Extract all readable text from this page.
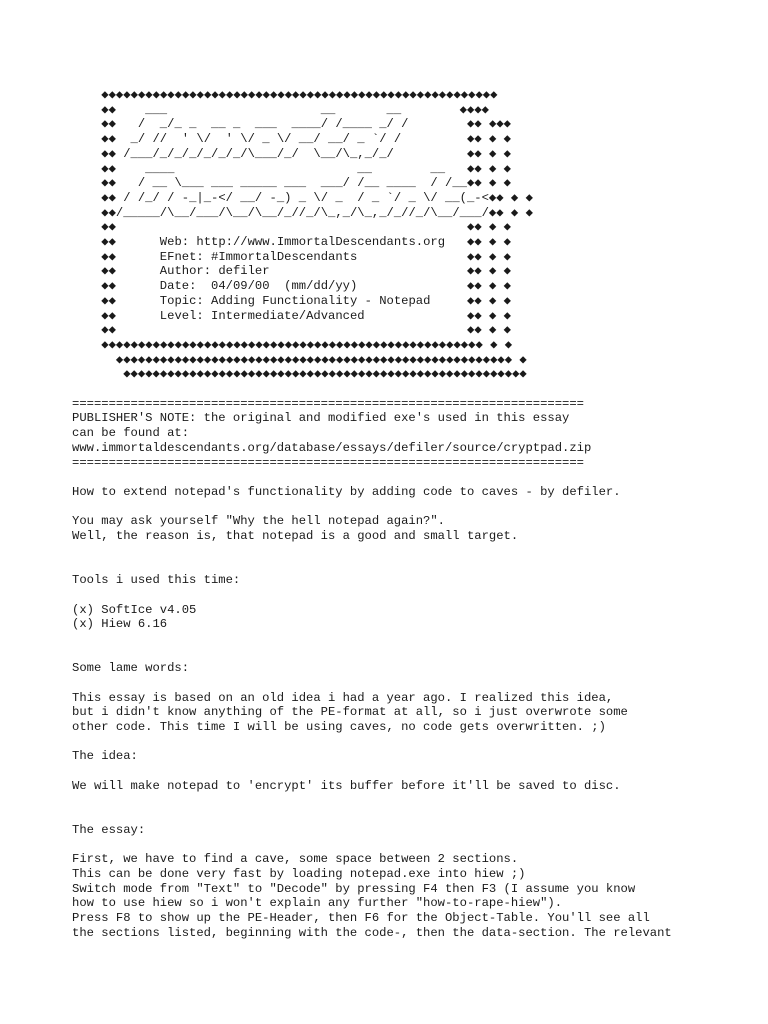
◆◆◆◆◆◆◆◆◆◆◆◆◆◆◆◆◆◆◆◆◆◆◆◆◆◆◆◆◆◆◆◆◆◆◆◆◆◆◆◆◆◆◆◆◆◆◆◆◆◆◆◆◆◆
◆◆    ___                     __       __        ◆◆◆◆
◆◆   /  _/_ _  __ _  ___  ____/ /____ _/ /        ◆◆ ◆◆◆
◆◆  _/ //  ' \/  ' \/ _ \/ __/ __/ _ `/ /         ◆◆ ◆ ◆
◆◆ /___/_/_/_/_/_/_/\___/_/  \__/\_,_/_/          ◆◆ ◆ ◆
◆◆    ____                         __        __   ◆◆ ◆ ◆
◆◆   / __ \___ ___ _____ ___  ___/ /__ ____  / /__◆◆ ◆ ◆
◆◆ / /_/ / -_|_-</ __/ -_) _ \/ _  / _ `/ _ \/ __(_-<◆◆ ◆ ◆
◆◆/_____/\__/___/\__/\__/_//_/\_,_/\_,_/_//_/\__/___/◆◆ ◆ ◆
◆◆                                                ◆◆ ◆ ◆
◆◆      Web: http://www.ImmortalDescendants.org   ◆◆ ◆ ◆
◆◆      EFnet: #ImmortalDescendants               ◆◆ ◆ ◆
◆◆      Author: defiler                           ◆◆ ◆ ◆
◆◆      Date:  04/09/00  (mm/dd/yy)               ◆◆ ◆ ◆
◆◆      Topic: Adding Functionality - Notepad     ◆◆ ◆ ◆
◆◆      Level: Intermediate/Advanced              ◆◆ ◆ ◆
◆◆                                                ◆◆ ◆ ◆
◆◆◆◆◆◆◆◆◆◆◆◆◆◆◆◆◆◆◆◆◆◆◆◆◆◆◆◆◆◆◆◆◆◆◆◆◆◆◆◆◆◆◆◆◆◆◆◆◆◆◆◆ ◆ ◆
◆◆◆◆◆◆◆◆◆◆◆◆◆◆◆◆◆◆◆◆◆◆◆◆◆◆◆◆◆◆◆◆◆◆◆◆◆◆◆◆◆◆◆◆◆◆◆◆◆◆◆◆◆◆ ◆
◆◆◆◆◆◆◆◆◆◆◆◆◆◆◆◆◆◆◆◆◆◆◆◆◆◆◆◆◆◆◆◆◆◆◆◆◆◆◆◆◆◆◆◆◆◆◆◆◆◆◆◆◆◆◆
======================================================================
PUBLISHER'S NOTE: the original and modified exe's used in this essay
can be found at:
www.immortaldescendants.org/database/essays/defiler/source/cryptpad.zip
======================================================================
How to extend notepad's functionality by adding code to caves - by defiler.
You may ask yourself "Why the hell notepad again?".
Well, the reason is, that notepad is a good and small target.
Tools i used this time:
(x) SoftIce v4.05
(x) Hiew 6.16
Some lame words:
This essay is based on an old idea i had a year ago. I realized this idea,
but i didn't know anything of the PE-format at all, so i just overwrote some
other code. This time I will be using caves, no code gets overwritten. ;)
The idea:
We will make notepad to 'encrypt' its buffer before it'll be saved to disc.
The essay:
First, we have to find a cave, some space between 2 sections.
This can be done very fast by loading notepad.exe into hiew ;)
Switch mode from "Text" to "Decode" by pressing F4 then F3 (I assume you know
how to use hiew so i won't explain any further "how-to-rape-hiew").
Press F8 to show up the PE-Header, then F6 for the Object-Table. You'll see all
the sections listed, beginning with the code-, then the data-section. The relevant
